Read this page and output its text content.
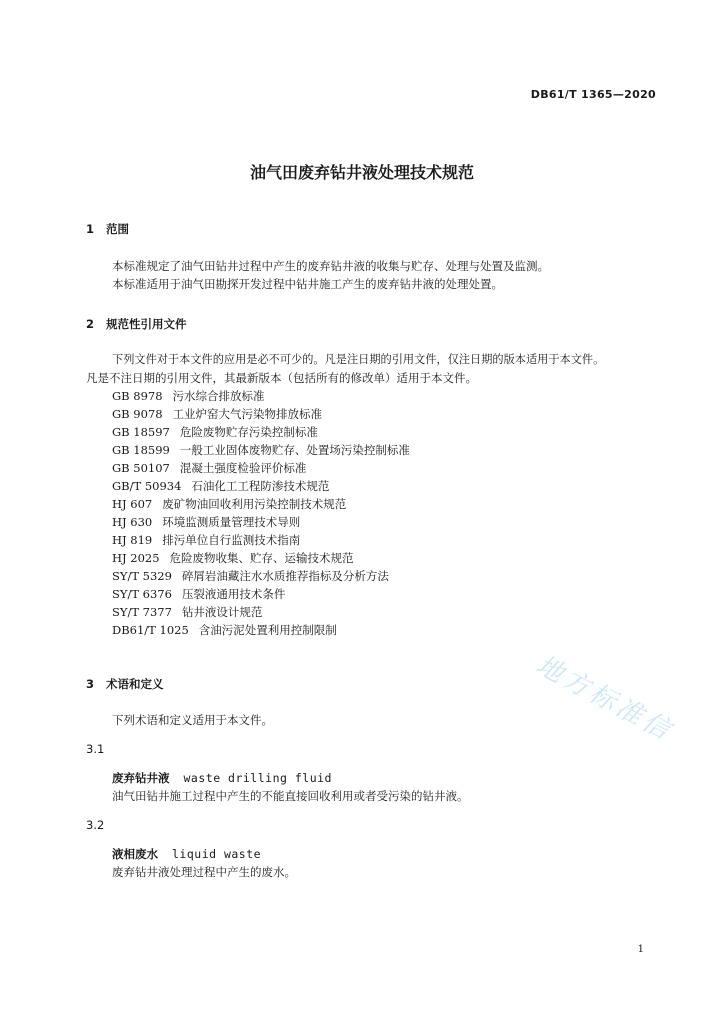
DB61/T 1365—2020
油气田废弃钻井液处理技术规范
1 范围
本标准规定了油气田钻井过程中产生的废弃钻井液的收集与贮存、处理与处置及监测。
本标准适用于油气田勘探开发过程中钻井施工产生的废弃钻井液的处理处置。
2 规范性引用文件
下列文件对于本文件的应用是必不可少的。凡是注日期的引用文件，仅注日期的版本适用于本文件。
凡是不注日期的引用文件，其最新版本（包括所有的修改单）适用于本文件。
GB 8978 污水综合排放标准
GB 9078 工业炉窑大气污染物排放标准
GB 18597 危险废物贮存污染控制标准
GB 18599 一般工业固体废物贮存、处置场污染控制标准
GB 50107 混凝土强度检验评价标准
GB/T 50934 石油化工工程防渗技术规范
HJ 607 废矿物油回收利用污染控制技术规范
HJ 630 环境监测质量管理技术导则
HJ 819 排污单位自行监测技术指南
HJ 2025 危险废物收集、贮存、运输技术规范
SY/T 5329 碎屑岩油藏注水水质推荐指标及分析方法
SY/T 6376 压裂液通用技术条件
SY/T 7377 钻井液设计规范
DB61/T 1025 含油污泥处置利用控制限制
3 术语和定义
下列术语和定义适用于本文件。
3.1
废弃钻井液 waste drilling fluid
油气田钻井施工过程中产生的不能直接回收利用或者受污染的钻井液。
3.2
液相废水 liquid waste
废弃钻井液处理过程中产生的废水。
地方标准信
1
